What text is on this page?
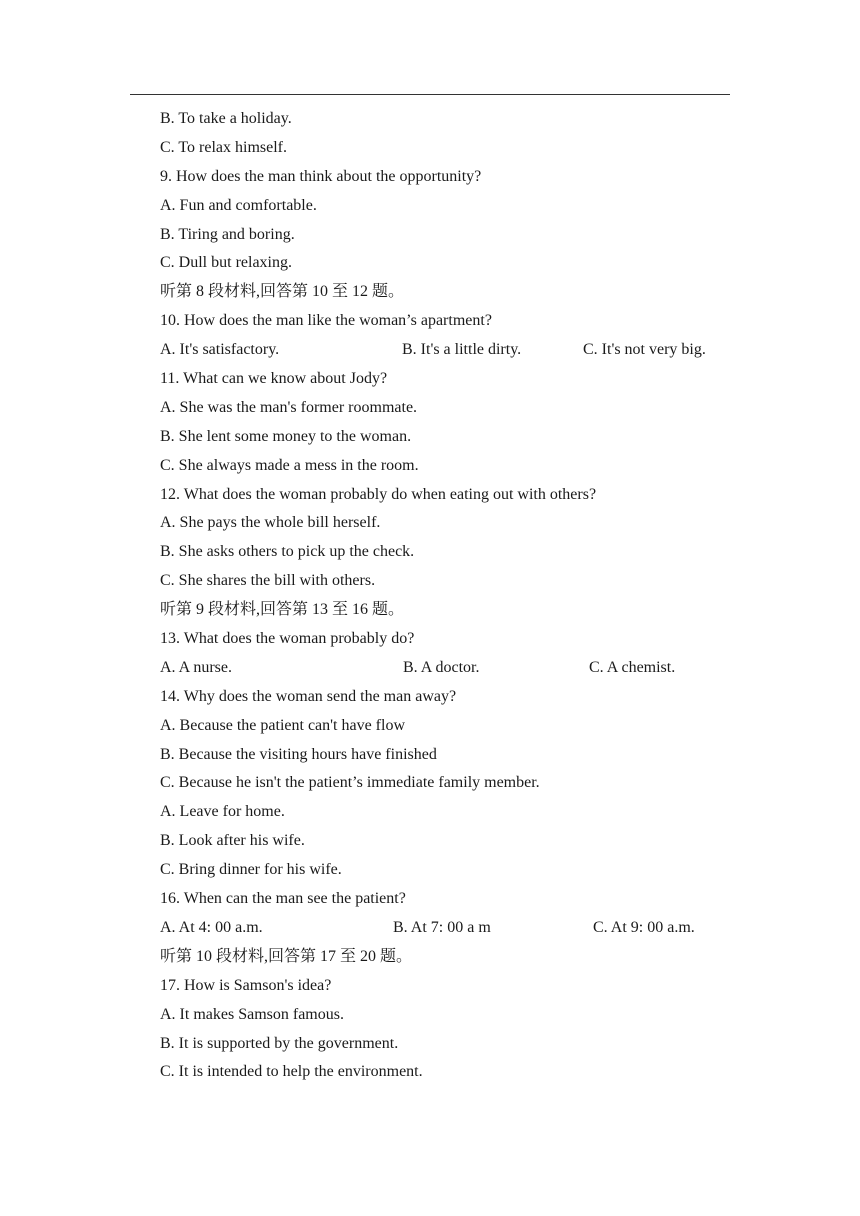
B. To take a holiday.
C. To relax himself.
9. How does the man think about the opportunity?
A. Fun and comfortable.
B. Tiring and boring.
C. Dull but relaxing.
听第 8 段材料,回答第 10 至 12 题。
10. How does the man like the woman’s apartment?
A. It's satisfactory.	B. It's a little dirty.	C. It's not very big.
11. What can we know about Jody?
A. She was the man's former roommate.
B. She lent some money to the woman.
C. She always made a mess in the room.
12. What does the woman probably do when eating out with others?
A. She pays the whole bill herself.
B. She asks others to pick up the check.
C. She shares the bill with others.
听第 9 段材料,回答第 13 至 16 题。
13. What does the woman probably do?
A. A nurse.	B. A doctor.	C. A chemist.
14. Why does the woman send the man away?
A. Because the patient can't have flow
B. Because the visiting hours have finished
C. Because he isn't the patient’s immediate family member.
A. Leave for home.
B. Look after his wife.
C. Bring dinner for his wife.
16. When can the man see the patient?
A. At 4: 00 a.m.	B. At 7: 00 a m	C. At 9: 00 a.m.
听第 10 段材料,回答第 17 至 20 题。
17. How is Samson's idea?
A. It makes Samson famous.
B. It is supported by the government.
C. It is intended to help the environment.
